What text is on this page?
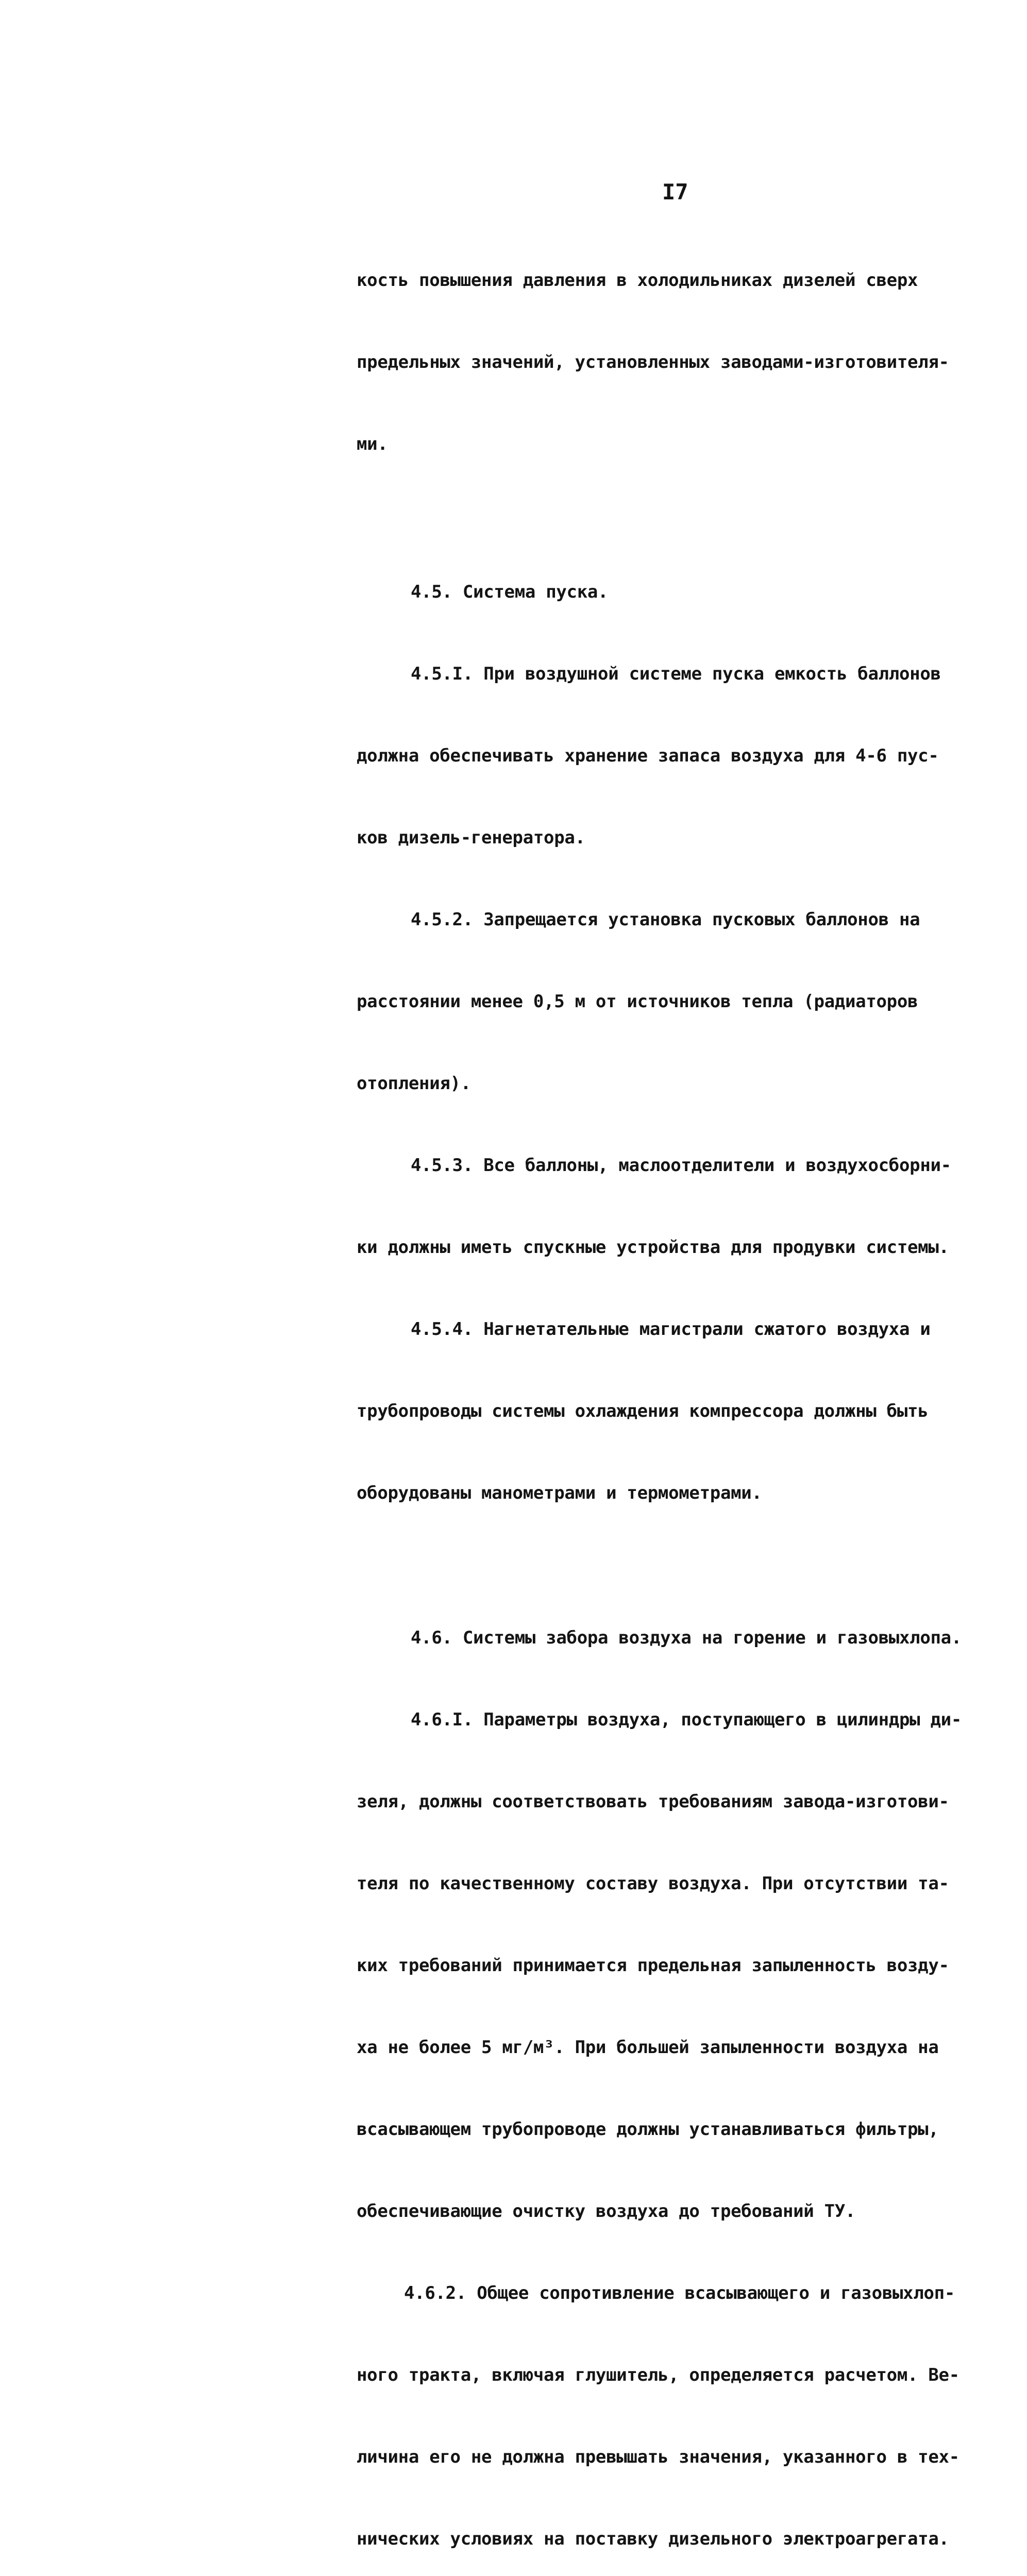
I7

кость повышения давления в холодильниках дизелей сверх

предельных значений, установленных заводами-изготовителя-

ми.

4.5. Система пуска.

4.5.I. При воздушной системе пуска емкость баллонов

должна обеспечивать хранение запаса воздуха для 4-6 пус-

ков дизель-генератора.

4.5.2. Запрещается установка пусковых баллонов на

расстоянии менее 0,5 м от источников тепла (радиаторов

отопления).

4.5.3. Все баллоны, маслоотделители и воздухосборни-

ки должны иметь спускные устройства для продувки системы.

4.5.4. Нагнетательные магистрали сжатого воздуха и

трубопроводы системы охлаждения компрессора должны быть

оборудованы манометрами и термометрами.

4.6. Системы забора воздуха на горение и газовыхлопа.

4.6.I. Параметры воздуха, поступающего в цилиндры ди-

зеля, должны соответствовать требованиям завода-изготови-

теля по качественному составу воздуха. При отсутствии та-

ких требований принимается предельная запыленность возду-

ха не более 5 мг/м³. При большей запыленности воздуха на

всасывающем трубопроводе должны устанавливаться фильтры,

обеспечивающие очистку воздуха до требований ТУ.

4.6.2. Общее сопротивление всасывающего и газовыхлоп-

ного тракта, включая глушитель, определяется расчетом. Ве-

личина его не должна превышать значения, указанного в тех-

нических условиях на поставку дизельного электроагрегата.
